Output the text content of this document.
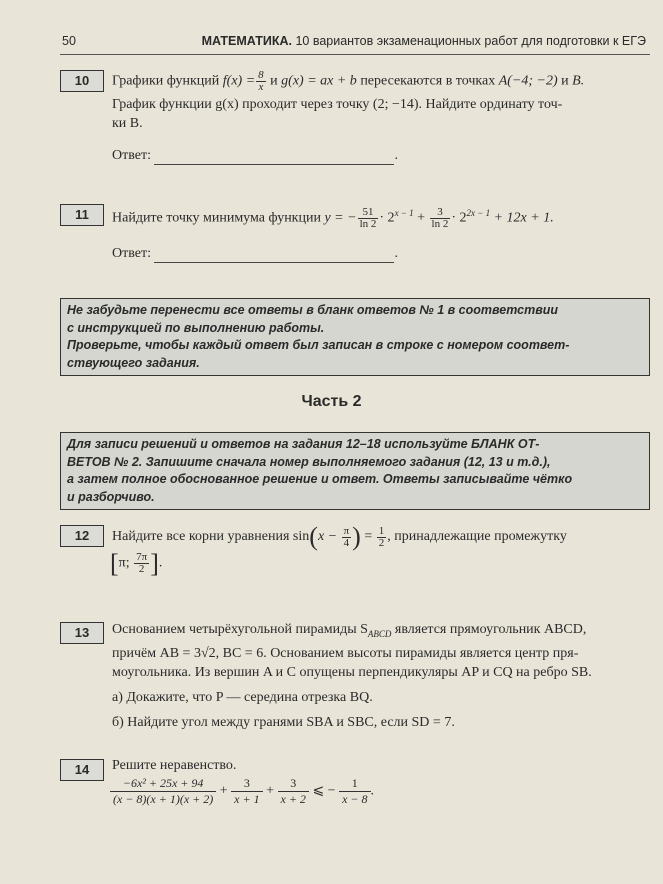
50	МАТЕМАТИКА. 10 вариантов экзаменационных работ для подготовки к ЕГЭ
10	Графики функций $f(x) = \frac{8}{x}$ и g(x) = ax + b пересекаются в точках A(−4; −2) и B.
График функции g(x) проходит через точку (2; −14). Найдите ординату точ-
ки B.
Ответ:	.
11	Найдите точку минимума функции y = − $\frac{51}{\ln 2} \cdot 2^{x - 1} + \frac{3}{\ln 2} \cdot 2^{2x - 1} + 12x + 1$.
Ответ:	.
Не забудьте перенести все ответы в бланк ответов № 1 в соответствии
с инструкцией по выполнению работы.
Проверьте, чтобы каждый ответ был записан в строке с номером соответ-
ствующего задания.
Часть 2
Для записи решений и ответов на задания 12–18 используйте БЛАНК ОТ-
ВЕТОВ № 2. Запишите сначала номер выполняемого задания (12, 13 и т.д.),
а затем полное обоснованное решение и ответ. Ответы записывайте чётко
и разборчиво.
12	Найдите все корни уравнения $\sin(x - \frac{\pi}{4}$ ) = $\frac{1}{2}$ , принадлежащие промежутку
[π; $\frac{7\pi}{2}$ ].
13	Основанием четырёхугольной пирамиды $S_{ABCD}$ является прямоугольник ABCD,
причём AB = 3√2, BC = 6. Основанием высоты пирамиды является центр пря-
моугольника. Из вершин A и C опущены перпендикуляры AP и CQ на ребро SB.
а) Докажите, что P — середина отрезка BQ.
б) Найдите угол между гранями SBA и SBC, если SD = 7.
14	Решите неравенство.
$\frac{\text{−6x² + 25x + 94}}{(x - 8)(x + 1)(x + 2)} + \frac{3}{x + 1} + \frac{3}{x + 2}$ ⩽ − $\frac{1}{x - 8}$ .
